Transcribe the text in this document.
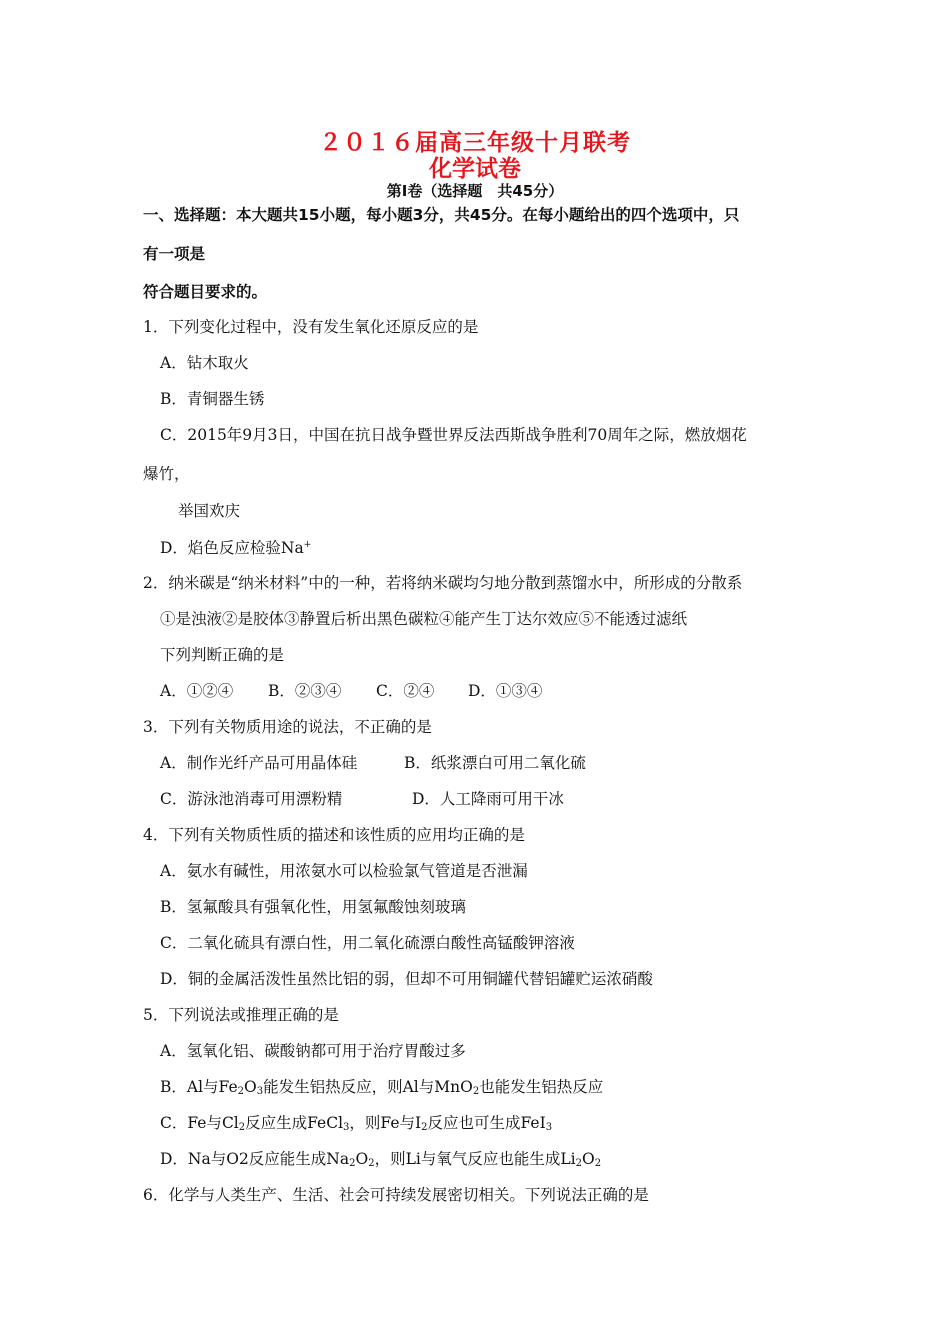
２０１６届高三年级十月联考
化学试卷
第Ⅰ卷（选择题　共45分）
一、选择题：本大题共15小题，每小题3分，共45分。在每小题给出的四个选项中，只
有一项是
符合题目要求的。
1．下列变化过程中，没有发生氧化还原反应的是
A．钻木取火
B．青铜器生锈
C．2015年9月3日，中国在抗日战争暨世界反法西斯战争胜利70周年之际，燃放烟花
爆竹，
举国欢庆
D．焰色反应检验Na+
2．纳米碳是“纳米材料”中的一种，若将纳米碳均匀地分散到蒸馏水中，所形成的分散系
①是浊液②是胶体③静置后析出黑色碳粒④能产生丁达尔效应⑤不能透过滤纸
下列判断正确的是
A．①②④ B．②③④ C．②④ D．①③④
3．下列有关物质用途的说法，不正确的是
A．制作光纤产品可用晶体硅	B．纸浆漂白可用二氧化硫
C．游泳池消毒可用漂粉精	D．人工降雨可用干冰
4．下列有关物质性质的描述和该性质的应用均正确的是
A．氨水有碱性，用浓氨水可以检验氯气管道是否泄漏
B．氢氟酸具有强氧化性，用氢氟酸蚀刻玻璃
C．二氧化硫具有漂白性，用二氧化硫漂白酸性高锰酸钾溶液
D．铜的金属活泼性虽然比铝的弱，但却不可用铜罐代替铝罐贮运浓硝酸
5．下列说法或推理正确的是
A．氢氧化铝、碳酸钠都可用于治疗胃酸过多
B．Al与$Fe_2O_3$能发生铝热反应，则Al与MnO$_2$也能发生铝热反应
C．Fe与$Cl_2$反应生成FeCl$_3$，则Fe与$I_2$反应也可生成FeI$_3$
D．Na与O2反应能生成$Na_2O_2$，则Li与氧气反应也能生成$Li_2O_2$
6．化学与人类生产、生活、社会可持续发展密切相关。下列说法正确的是
